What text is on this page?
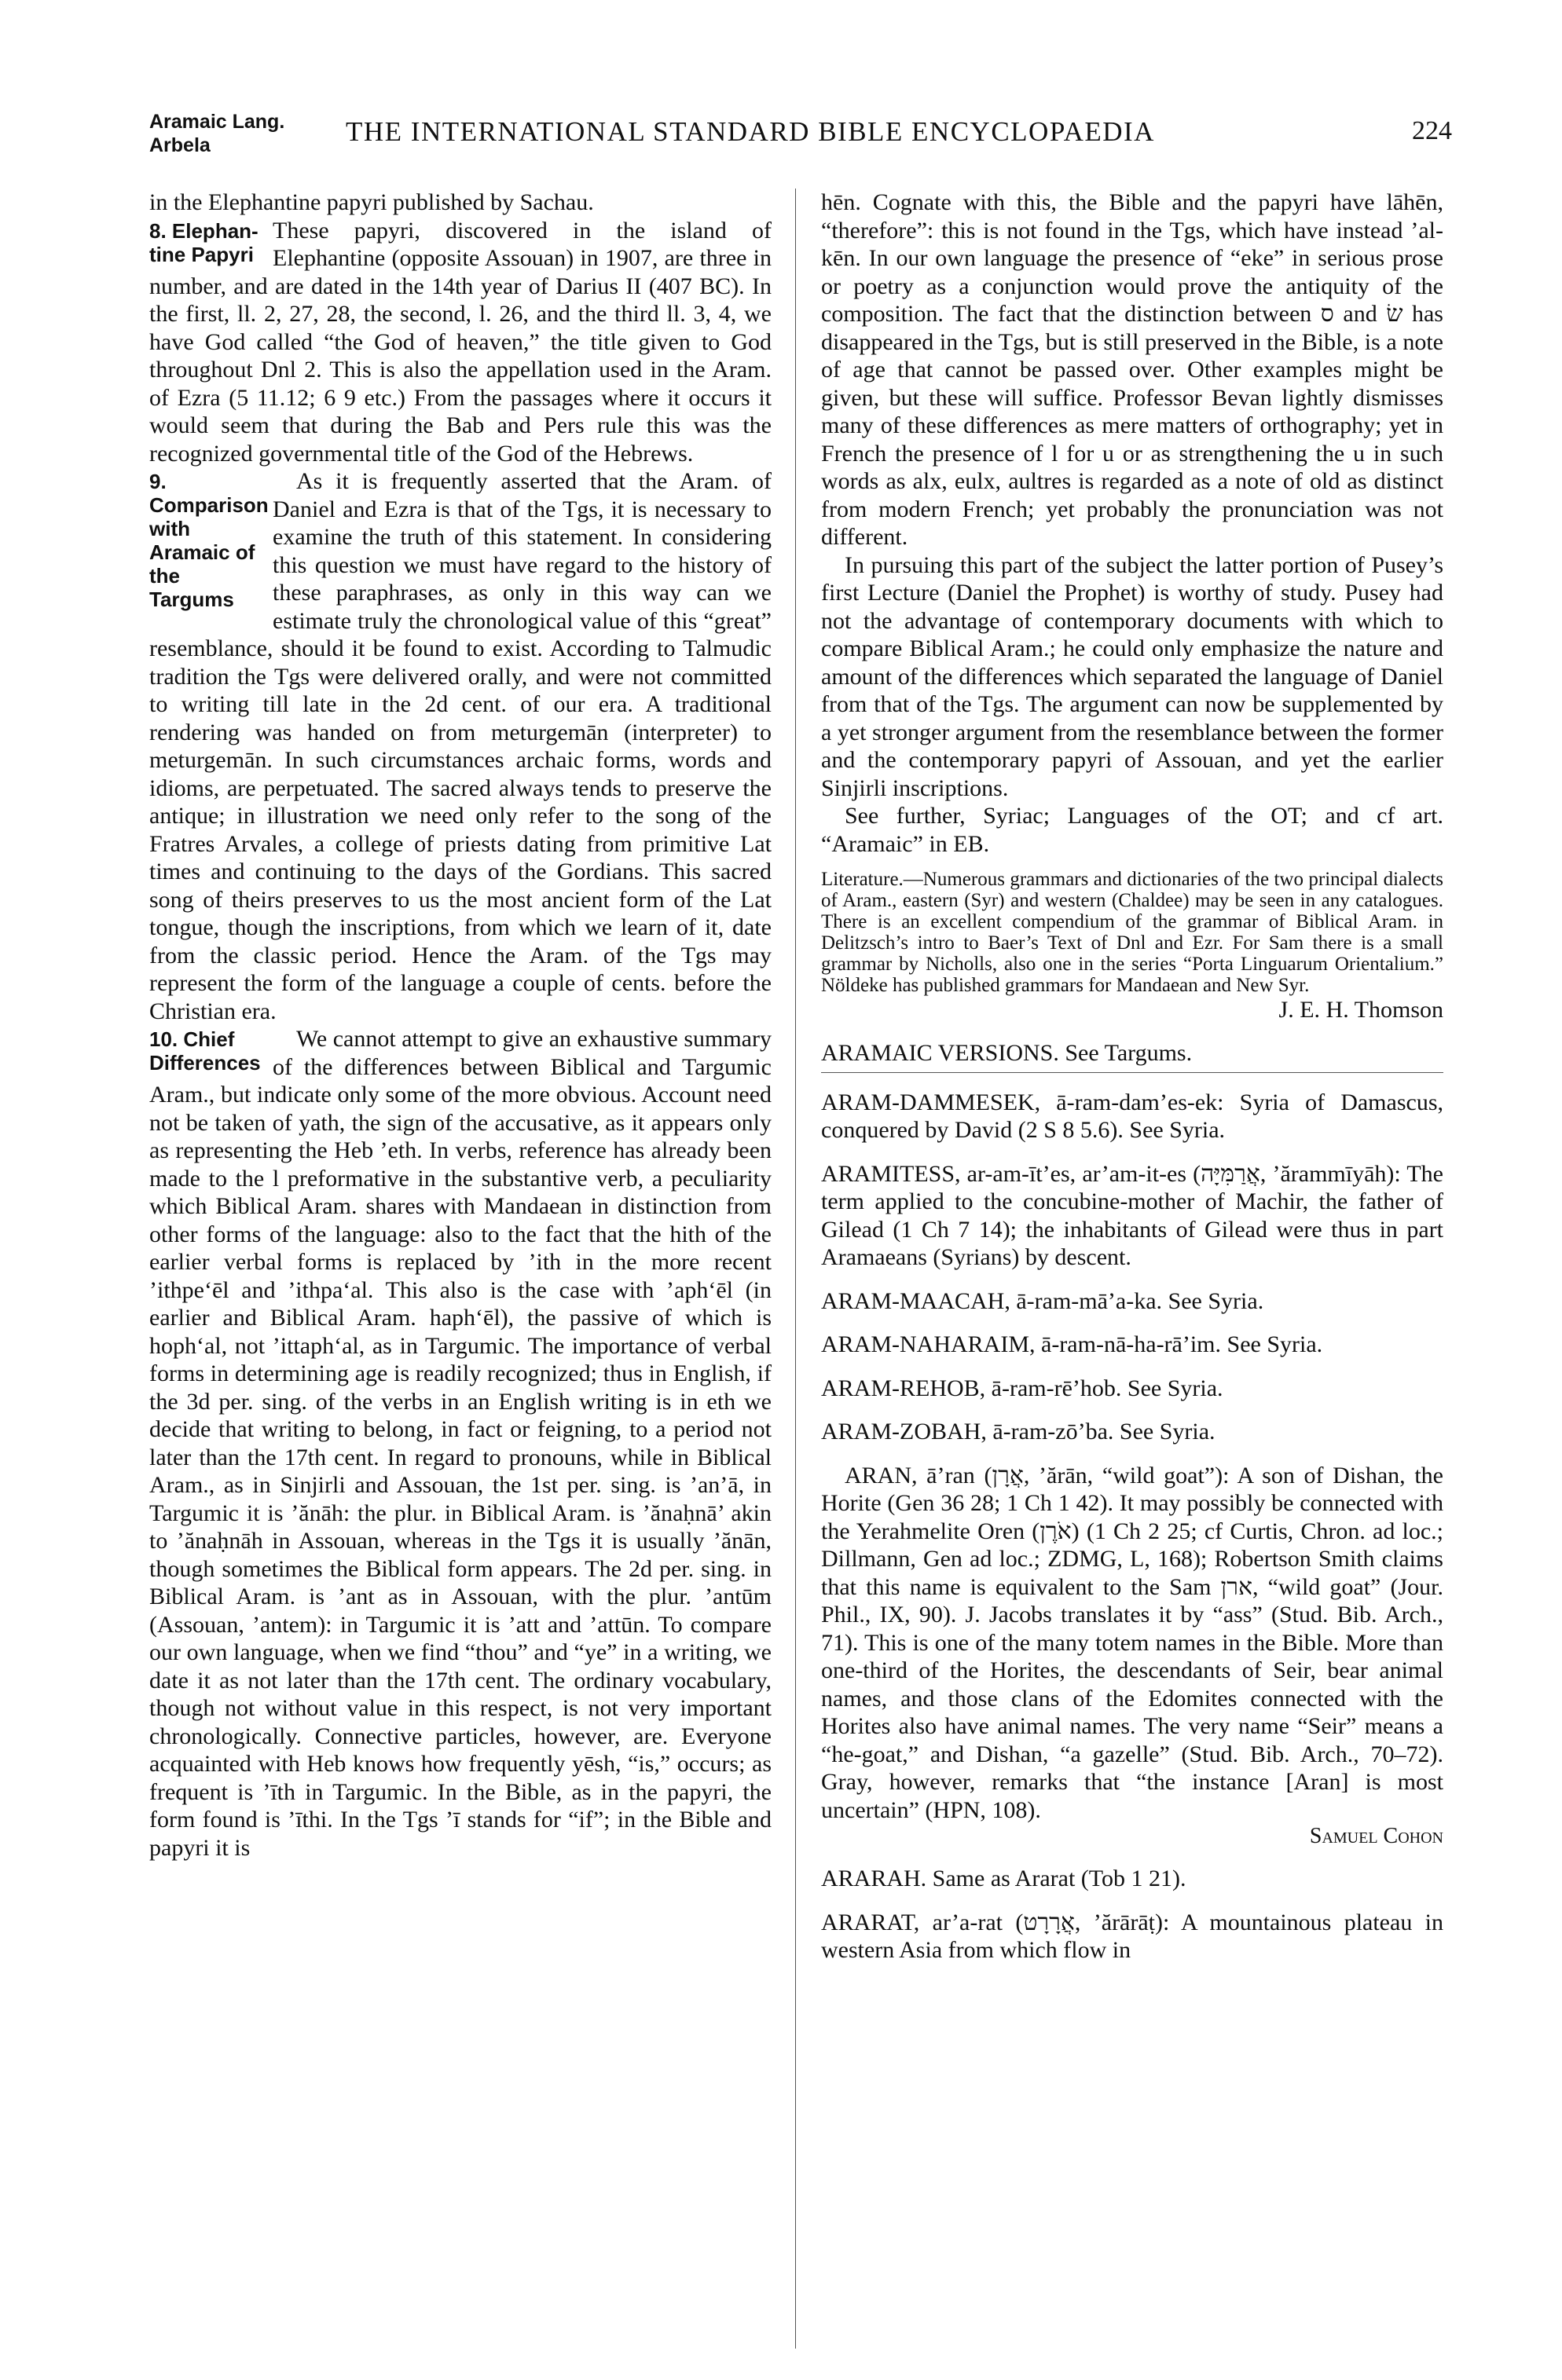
Aramaic Lang.
Arbela	THE INTERNATIONAL STANDARD BIBLE ENCYCLOPAEDIA	224

in the Elephantine papyri published by Sachau.

8. Elephan-tine Papyri

These papyri, discovered in the island of Elephantine (opposite Assouan) in 1907, are three in number, and are dated in the 14th year of Darius II (407 BC). In the first, ll. 2, 27, 28, the second, l. 26, and the third ll. 3, 4, we have God called “the God of heaven,” the title given to God throughout Dnl 2. This is also the appellation used in the Aram. of Ezra (5 11.12; 6 9 etc.) From the passages where it occurs it would seem that during the Bab and Pers rule this was the recognized governmental title of the God of the Hebrews.

9. Comparison with Aramaic of the Targums

As it is frequently asserted that the Aram. of Daniel and Ezra is that of the Tgs, it is necessary to examine the truth of this statement. In considering this question we must have regard to the history of these paraphrases, as only in this way can we estimate truly the chronological value of this “great” resemblance, should it be found to exist. According to Talmudic tradition the Tgs were delivered orally, and were not committed to writing till late in the 2d cent. of our era. A traditional rendering was handed on from meturgemān (interpreter) to meturgemān. In such circumstances archaic forms, words and idioms, are perpetuated. The sacred always tends to preserve the antique; in illustration we need only refer to the song of the Fratres Arvales, a college of priests dating from primitive Lat times and continuing to the days of the Gordians. This sacred song of theirs preserves to us the most ancient form of the Lat tongue, though the inscriptions, from which we learn of it, date from the classic period. Hence the Aram. of the Tgs may represent the form of the language a couple of cents. before the Christian era.

10. Chief Differences

We cannot attempt to give an exhaustive summary of the differences between Biblical and Targumic Aram., but indicate only some of the more obvious. Account need not be taken of yath, the sign of the accusative, as it appears only as representing the Heb ’eth. In verbs, reference has already been made to the l preformative in the substantive verb, a peculiarity which Biblical Aram. shares with Mandaean in distinction from other forms of the language: also to the fact that the hith of the earlier verbal forms is replaced by ’ith in the more recent ’ithpe‘ēl and ’ithpa‘al. This also is the case with ’aph‘ēl (in earlier and Biblical Aram. haph‘ēl), the passive of which is hoph‘al, not ’ittaph‘al, as in Targumic. The importance of verbal forms in determining age is readily recognized; thus in English, if the 3d per. sing. of the verbs in an English writing is in eth we decide that writing to belong, in fact or feigning, to a period not later than the 17th cent. In regard to pronouns, while in Biblical Aram., as in Sinjirli and Assouan, the 1st per. sing. is ’an’ā, in Targumic it is ’ănāh: the plur. in Biblical Aram. is ’ănaḥnā’ akin to ’ănaḥnāh in Assouan, whereas in the Tgs it is usually ’ănān, though sometimes the Biblical form appears. The 2d per. sing. in Biblical Aram. is ’ant as in Assouan, with the plur. ’antūm (Assouan, ’antem): in Targumic it is ’att and ’attūn. To compare our own language, when we find “thou” and “ye” in a writing, we date it as not later than the 17th cent. The ordinary vocabulary, though not without value in this respect, is not very important chronologically. Connective particles, however, are. Everyone acquainted with Heb knows how frequently yēsh, “is,” occurs; as frequent is ’īth in Targumic. In the Bible, as in the papyri, the form found is ’īthi. In the Tgs ’ī stands for “if”; in the Bible and papyri it is

hēn. Cognate with this, the Bible and the papyri have lāhēn, “therefore”: this is not found in the Tgs, which have instead ’al-kēn. In our own language the presence of “eke” in serious prose or poetry as a conjunction would prove the antiquity of the composition. The fact that the distinction between ס and שׂ has disappeared in the Tgs, but is still preserved in the Bible, is a note of age that cannot be passed over. Other examples might be given, but these will suffice. Professor Bevan lightly dismisses many of these differences as mere matters of orthography; yet in French the presence of l for u or as strengthening the u in such words as alx, eulx, aultres is regarded as a note of old as distinct from modern French; yet probably the pronunciation was not different.

In pursuing this part of the subject the latter portion of Pusey’s first Lecture (Daniel the Prophet) is worthy of study. Pusey had not the advantage of contemporary documents with which to compare Biblical Aram.; he could only emphasize the nature and amount of the differences which separated the language of Daniel from that of the Tgs. The argument can now be supplemented by a yet stronger argument from the resemblance between the former and the contemporary papyri of Assouan, and yet the earlier Sinjirli inscriptions.

See further, Syriac; Languages of the OT; and cf art. “Aramaic” in EB.

Literature.—Numerous grammars and dictionaries of the two principal dialects of Aram., eastern (Syr) and western (Chaldee) may be seen in any catalogues. There is an excellent compendium of the grammar of Biblical Aram. in Delitzsch’s intro to Baer’s Text of Dnl and Ezr. For Sam there is a small grammar by Nicholls, also one in the series “Porta Linguarum Orientalium.” Nöldeke has published grammars for Mandaean and New Syr.

J. E. H. Thomson

ARAMAIC VERSIONS. See Targums.

ARAM-DAMMESEK, ā-ram-dam’es-ek: Syria of Damascus, conquered by David (2 S 8 5.6). See Syria.

ARAMITESS, ar-am-īt’es, ar’am-it-es (אֲרַמִּיָּה, ’ărammīyāh): The term applied to the concubine-mother of Machir, the father of Gilead (1 Ch 7 14); the inhabitants of Gilead were thus in part Aramaeans (Syrians) by descent.

ARAM-MAACAH, ā-ram-mā’a-ka. See Syria.

ARAM-NAHARAIM, ā-ram-nā-ha-rā’im. See Syria.

ARAM-REHOB, ā-ram-rē’hob. See Syria.

ARAM-ZOBAH, ā-ram-zō’ba. See Syria.

ARAN, ā’ran (אֲרָן, ’ărān, “wild goat”): A son of Dishan, the Horite (Gen 36 28; 1 Ch 1 42). It may possibly be connected with the Yerahmelite Oren (אֹרֶן) (1 Ch 2 25; cf Curtis, Chron. ad loc.; Dillmann, Gen ad loc.; ZDMG, L, 168); Robertson Smith claims that this name is equivalent to the Sam ארן, “wild goat” (Jour. Phil., IX, 90). J. Jacobs translates it by “ass” (Stud. Bib. Arch., 71). This is one of the many totem names in the Bible. More than one-third of the Horites, the descendants of Seir, bear animal names, and those clans of the Edomites connected with the Horites also have animal names. The very name “Seir” means a “he-goat,” and Dishan, “a gazelle” (Stud. Bib. Arch., 70–72). Gray, however, remarks that “the instance [Aran] is most uncertain” (HPN, 108).

Samuel Cohon

ARARAH. Same as Ararat (Tob 1 21).

ARARAT, ar’a-rat (אֲרָרָט, ’ărārāṭ): A mountainous plateau in western Asia from which flow in
